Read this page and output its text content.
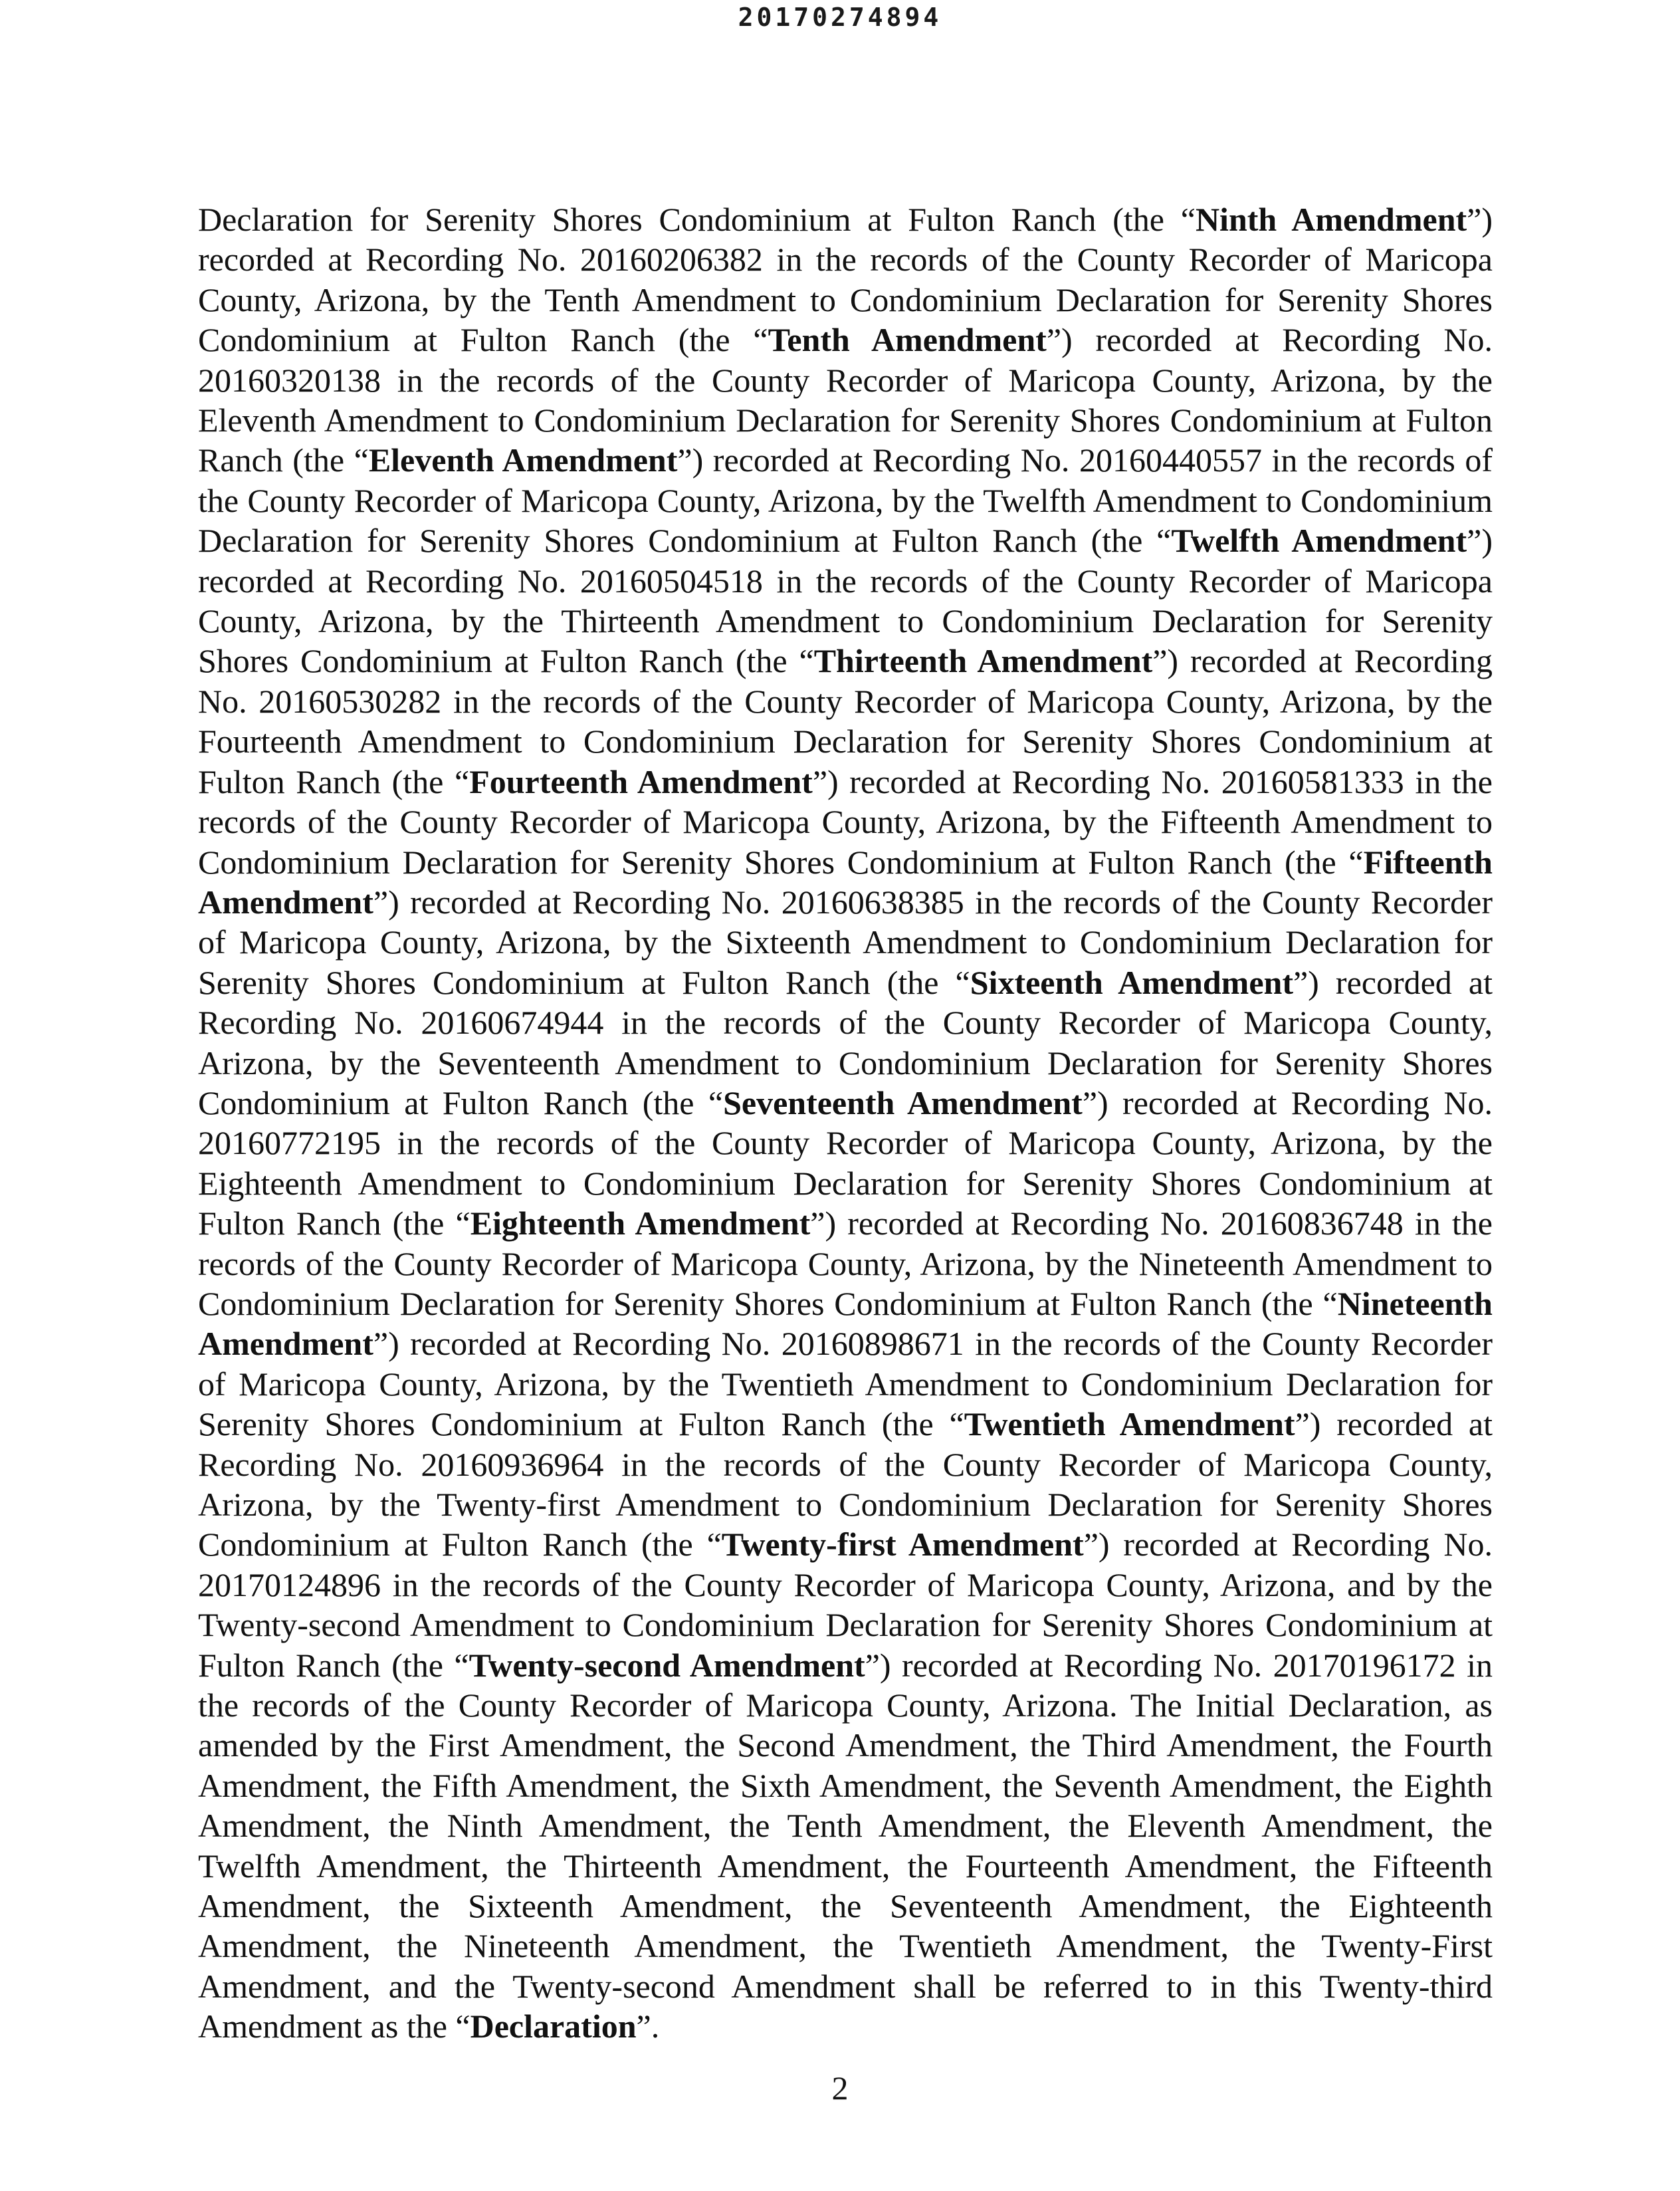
20170274894

Declaration for Serenity Shores Condominium at Fulton Ranch (the “Ninth Amendment”) recorded at Recording No. 20160206382 in the records of the County Recorder of Maricopa County, Arizona, by the Tenth Amendment to Condominium Declaration for Serenity Shores Condominium at Fulton Ranch (the “Tenth Amendment”) recorded at Recording No. 20160320138 in the records of the County Recorder of Maricopa County, Arizona, by the Eleventh Amendment to Condominium Declaration for Serenity Shores Condominium at Fulton Ranch (the “Eleventh Amendment”) recorded at Recording No. 20160440557 in the records of the County Recorder of Maricopa County, Arizona, by the Twelfth Amendment to Condominium Declaration for Serenity Shores Condominium at Fulton Ranch (the “Twelfth Amendment”) recorded at Recording No. 20160504518 in the records of the County Recorder of Maricopa County, Arizona, by the Thirteenth Amendment to Condominium Declaration for Serenity Shores Condominium at Fulton Ranch (the “Thirteenth Amendment”) recorded at Recording No. 20160530282 in the records of the County Recorder of Maricopa County, Arizona, by the Fourteenth Amendment to Condominium Declaration for Serenity Shores Condominium at Fulton Ranch (the “Fourteenth Amendment”) recorded at Recording No. 20160581333 in the records of the County Recorder of Maricopa County, Arizona, by the Fifteenth Amendment to Condominium Declaration for Serenity Shores Condominium at Fulton Ranch (the “Fifteenth Amendment”) recorded at Recording No. 20160638385 in the records of the County Recorder of Maricopa County, Arizona, by the Sixteenth Amendment to Condominium Declaration for Serenity Shores Condominium at Fulton Ranch (the “Sixteenth Amendment”) recorded at Recording No. 20160674944 in the records of the County Recorder of Maricopa County, Arizona, by the Seventeenth Amendment to Condominium Declaration for Serenity Shores Condominium at Fulton Ranch (the “Seventeenth Amendment”) recorded at Recording No. 20160772195 in the records of the County Recorder of Maricopa County, Arizona, by the Eighteenth Amendment to Condominium Declaration for Serenity Shores Condominium at Fulton Ranch (the “Eighteenth Amendment”) recorded at Recording No. 20160836748 in the records of the County Recorder of Maricopa County, Arizona, by the Nineteenth Amendment to Condominium Declaration for Serenity Shores Condominium at Fulton Ranch (the “Nineteenth Amendment”) recorded at Recording No. 20160898671 in the records of the County Recorder of Maricopa County, Arizona, by the Twentieth Amendment to Condominium Declaration for Serenity Shores Condominium at Fulton Ranch (the “Twentieth Amendment”) recorded at Recording No. 20160936964 in the records of the County Recorder of Maricopa County, Arizona, by the Twenty-first Amendment to Condominium Declaration for Serenity Shores Condominium at Fulton Ranch (the “Twenty-first Amendment”) recorded at Recording No. 20170124896 in the records of the County Recorder of Maricopa County, Arizona, and by the Twenty-second Amendment to Condominium Declaration for Serenity Shores Condominium at Fulton Ranch (the “Twenty-second Amendment”) recorded at Recording No. 20170196172 in the records of the County Recorder of Maricopa County, Arizona. The Initial Declaration, as amended by the First Amendment, the Second Amendment, the Third Amendment, the Fourth Amendment, the Fifth Amendment, the Sixth Amendment, the Seventh Amendment, the Eighth Amendment, the Ninth Amendment, the Tenth Amendment, the Eleventh Amendment, the Twelfth Amendment, the Thirteenth Amendment, the Fourteenth Amendment, the Fifteenth Amendment, the Sixteenth Amendment, the Seventeenth Amendment, the Eighteenth Amendment, the Nineteenth Amendment, the Twentieth Amendment, the Twenty-First Amendment, and the Twenty-second Amendment shall be referred to in this Twenty-third Amendment as the “Declaration”.

2
